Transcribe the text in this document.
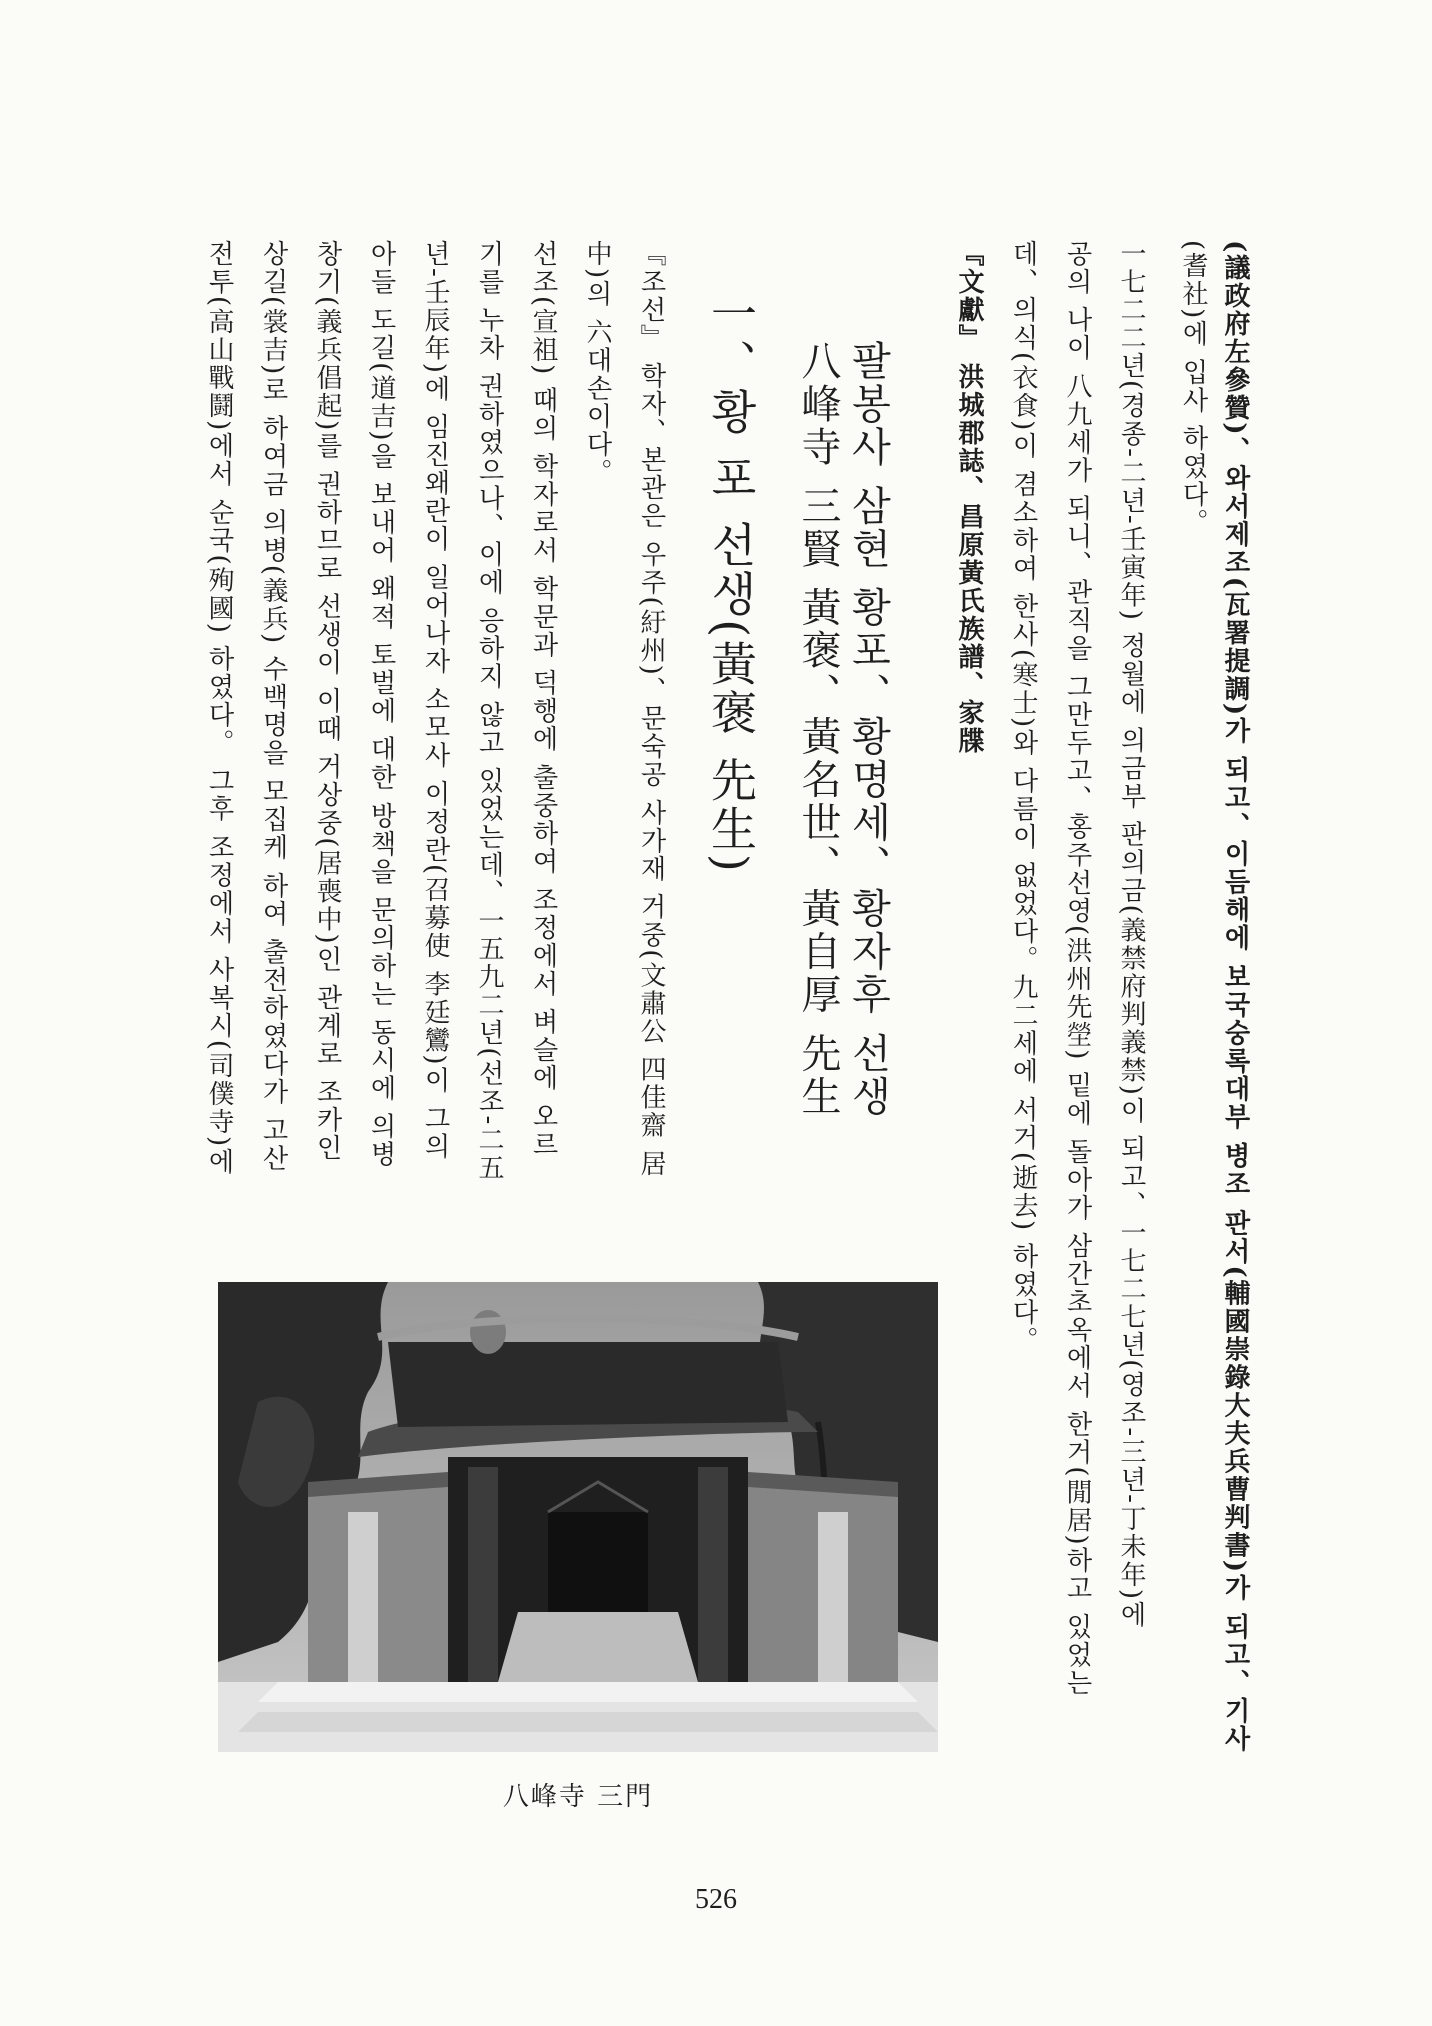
(議政府左參贊)、와서제조(瓦署提調)가 되고、이듬해에 보국숭록대부 병조 판서(輔國崇錄大夫兵曹判書)가 되고、기사
(耆社)에 입사 하였다。
一七二二년(경종-二년-壬寅年) 정월에 의금부 판의금(義禁府判義禁)이 되고、一七二七년(영조-三년-丁未年)에
공의 나이 八九세가 되니、관직을 그만두고、홍주선영(洪州先塋) 밑에 돌아가 삼간초옥에서 한거(閒居)하고 있었는
데、의식(衣食)이 겸소하여 한사(寒士)와 다름이 없었다。九二세에 서거(逝去) 하였다。
『文獻』 洪城郡誌、昌原黃氏族譜、家牒
팔봉사 삼현 황포、황명세、황자후 선생
八峰寺 三賢 黃褒、黃名世、黃自厚 先生
一、황 포 선생(黃褒 先生)
『조선』 학자、본관은 우주(紆州)、문숙공 사가재 거중(文肅公 四佳齋 居
中)의 六대손이다。
선조(宣祖) 때의 학자로서 학문과 덕행에 출중하여 조정에서 벼슬에 오르
기를 누차 권하였으나、이에 응하지 않고 있었는데、一五九二년(선조-二五
년-壬辰年)에 임진왜란이 일어나자 소모사 이정란(召募使 李廷鸞)이 그의
아들 도길(道吉)을 보내어 왜적 토벌에 대한 방책을 문의하는 동시에 의병
창기(義兵倡起)를 권하므로 선생이 이때 거상중(居喪中)인 관계로 조카인
상길(裳吉)로 하여금 의병(義兵) 수백명을 모집케 하여 출전하였다가 고산
전투(高山戰鬪)에서 순국(殉國) 하였다。 그후 조정에서 사복시(司僕寺)에
八峰寺 三門
526
